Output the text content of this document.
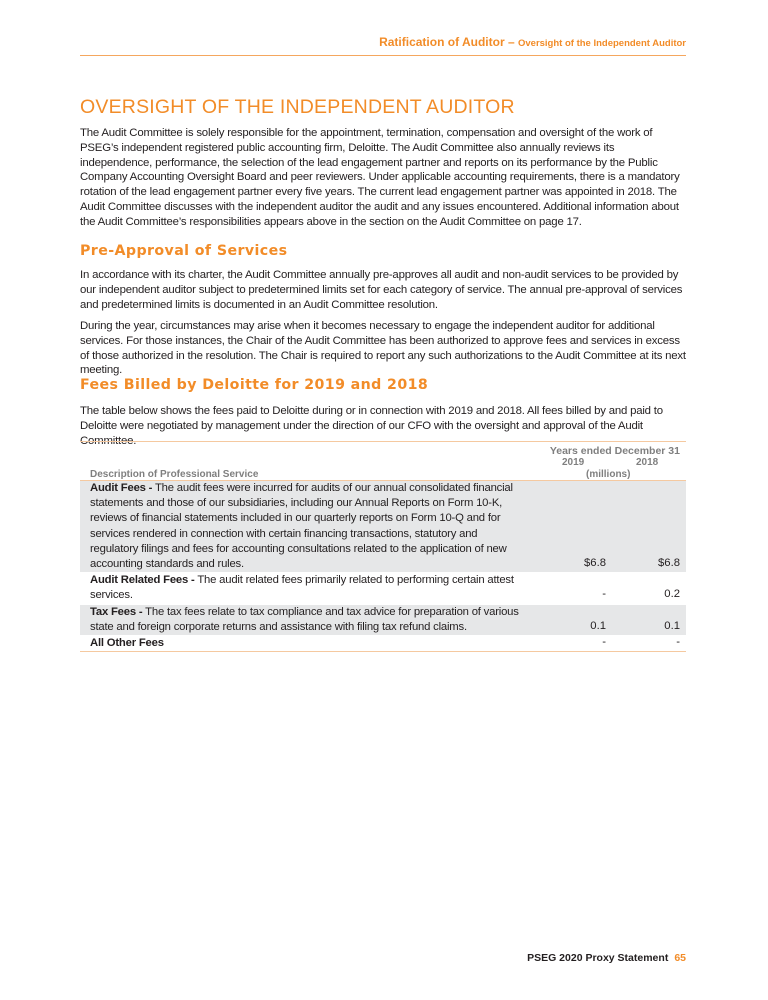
Ratification of Auditor – Oversight of the Independent Auditor
OVERSIGHT OF THE INDEPENDENT AUDITOR

The Audit Committee is solely responsible for the appointment, termination, compensation and oversight of the work of PSEG’s independent registered public accounting firm, Deloitte. The Audit Committee also annually reviews its independence, performance, the selection of the lead engagement partner and reports on its performance by the Public Company Accounting Oversight Board and peer reviewers. Under applicable accounting requirements, there is a mandatory rotation of the lead engagement partner every five years. The current lead engagement partner was appointed in 2018. The Audit Committee discusses with the independent auditor the audit and any issues encountered. Additional information about the Audit Committee’s responsibilities appears above in the section on the Audit Committee on page 17.

Pre-Approval of Services

In accordance with its charter, the Audit Committee annually pre-approves all audit and non-audit services to be provided by our independent auditor subject to predetermined limits set for each category of service. The annual pre-approval of services and predetermined limits is documented in an Audit Committee resolution.

During the year, circumstances may arise when it becomes necessary to engage the independent auditor for additional services. For those instances, the Chair of the Audit Committee has been authorized to approve fees and services in excess of those authorized in the resolution. The Chair is required to report any such authorizations to the Audit Committee at its next meeting.

Fees Billed by Deloitte for 2019 and 2018

The table below shows the fees paid to Deloitte during or in connection with 2019 and 2018. All fees billed by and paid to Deloitte were negotiated by management under the direction of our CFO with the oversight and approval of the Audit Committee.

Description of Professional Service
Years ended December 31
2019	2018
(millions)
Audit Fees - The audit fees were incurred for audits of our annual consolidated financial statements and those of our subsidiaries, including our Annual Reports on Form 10-K, reviews of financial statements included in our quarterly reports on Form 10-Q and for services rendered in connection with certain financing transactions, statutory and regulatory filings and fees for accounting consultations related to the application of new accounting standards and rules.	$6.8	$6.8
Audit Related Fees - The audit related fees primarily related to performing certain attest services.	-	0.2
Tax Fees - The tax fees relate to tax compliance and tax advice for preparation of various state and foreign corporate returns and assistance with filing tax refund claims.	0.1	0.1
All Other Fees	-	-
PSEG 2020 Proxy Statement 65
